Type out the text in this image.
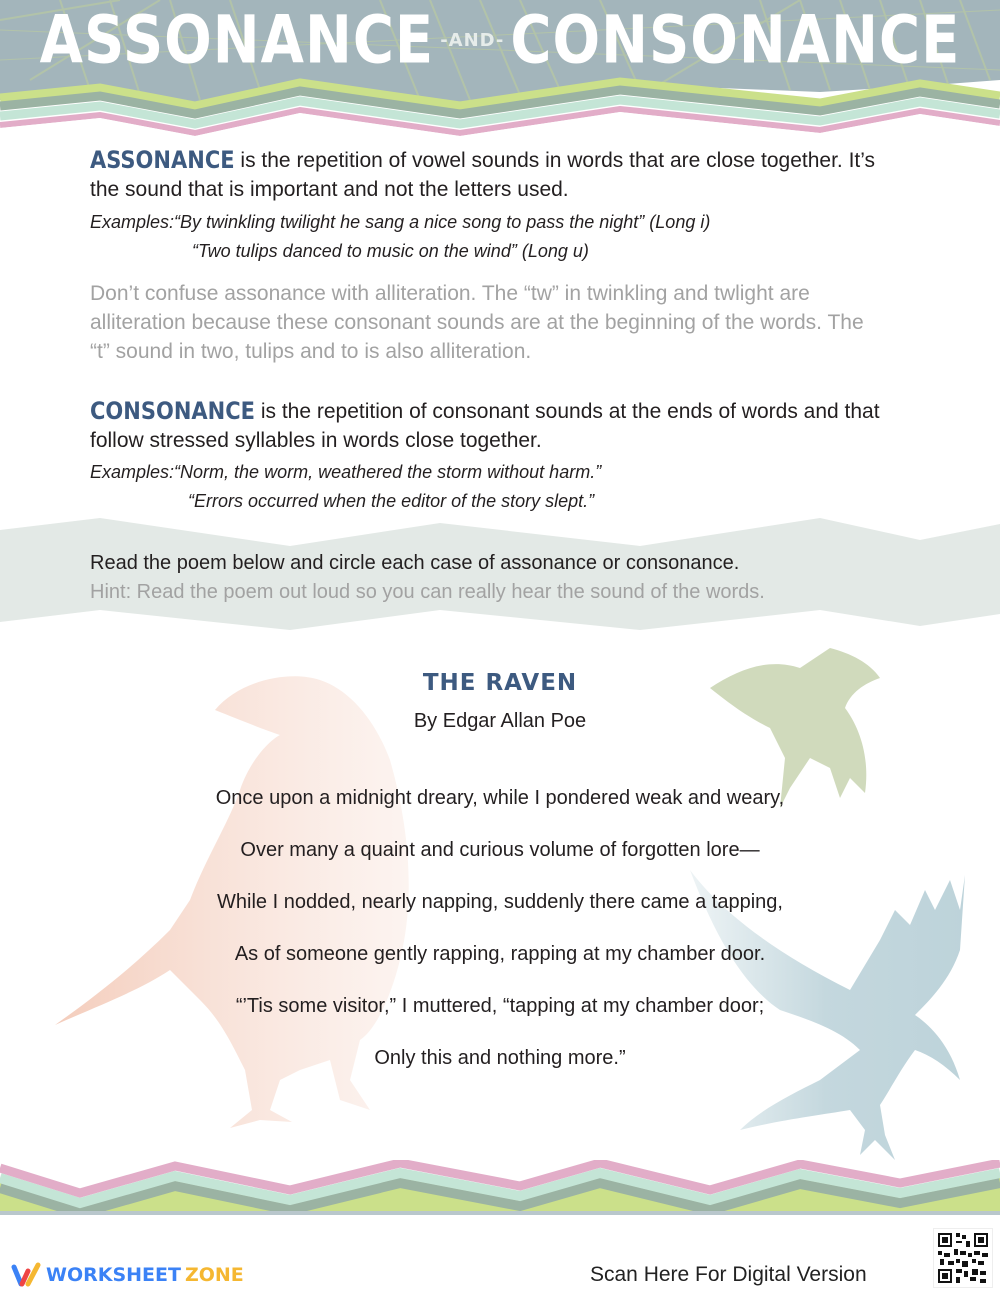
ASSONANCE -AND- CONSONANCE
ASSONANCE is the repetition of vowel sounds in words that are close together. It’s
the sound that is important and not the letters used.
Examples:“By twinkling twilight he sang a nice song to pass the night” (Long i)
“Two tulips danced to music on the wind” (Long u)
Don’t confuse assonance with alliteration. The “tw” in twinkling and twlight are
alliteration because these consonant sounds are at the beginning of the words. The
“t” sound in two, tulips and to is also alliteration.
CONSONANCE is the repetition of consonant sounds at the ends of words and that
follow stressed syllables in words close together.
Examples:“Norm, the worm, weathered the storm without harm.”
“Errors occurred when the editor of the story slept.”
Read the poem below and circle each case of assonance or consonance.
Hint: Read the poem out loud so you can really hear the sound of the words.
THE RAVEN
By Edgar Allan Poe
Once upon a midnight dreary, while I pondered weak and weary,
Over many a quaint and curious volume of forgotten lore—
While I nodded, nearly napping, suddenly there came a tapping,
As of someone gently rapping, rapping at my chamber door.
“’Tis some visitor,” I muttered, “tapping at my chamber door;
Only this and nothing more.”
WORKSHEET ZONE	Scan Here For Digital Version
